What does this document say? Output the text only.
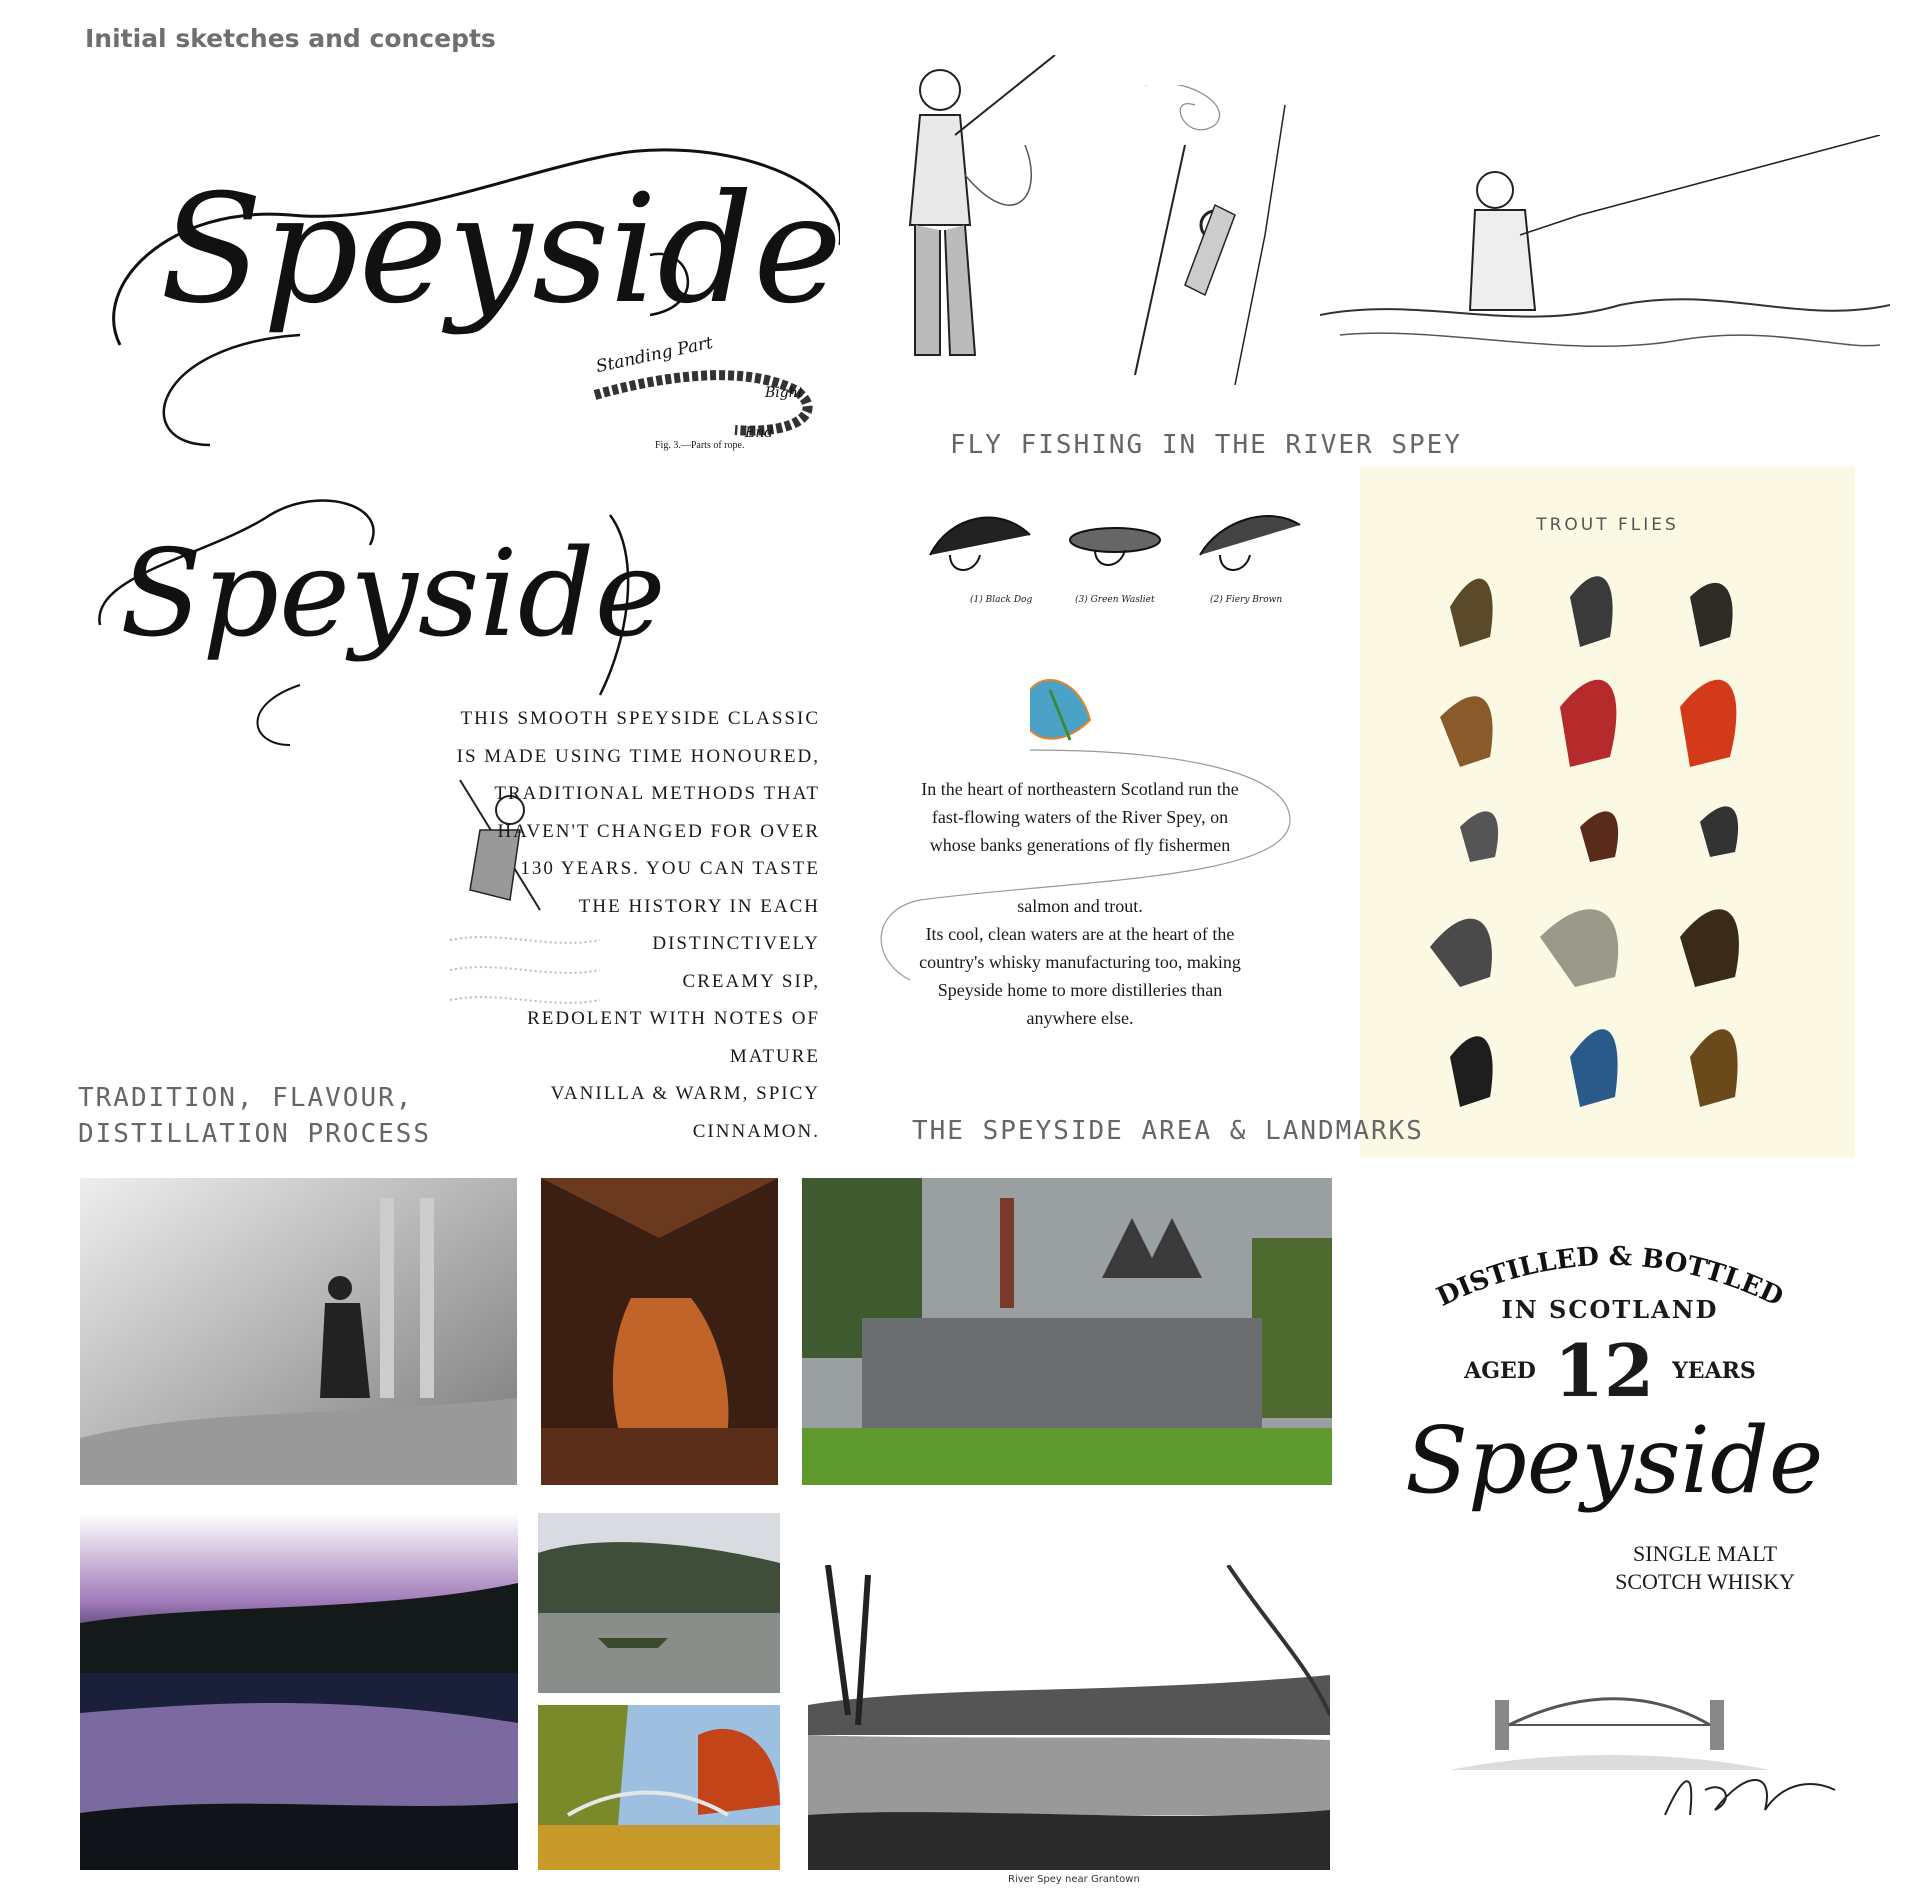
Initial sketches and concepts
Speyside
Speyside
Standing Part
Bight
End
Fig. 3.—Parts of rope.	FLY FISHING IN THE RIVER SPEY
(1) Black Dog	(3) Green Wasliet	(2) Fiery Brown
THIS SMOOTH SPEYSIDE CLASSIC
IS MADE USING TIME HONOURED,
TRADITIONAL METHODS THAT
HAVEN'T CHANGED FOR OVER
130 YEARS. YOU CAN TASTE
THE HISTORY IN EACH
DISTINCTIVELY
CREAMY SIP,
REDOLENT WITH NOTES OF MATURE
VANILLA & WARM, SPICY CINNAMON.
In the heart of northeastern Scotland run the
fast-flowing waters of the River Spey, on
whose banks generations of fly fishermen
salmon and trout.
Its cool, clean waters are at the heart of the
country's whisky manufacturing too, making
Speyside home to more distilleries than
anywhere else.
TROUT FLIES
TRADITION, FLAVOUR,
DISTILLATION PROCESS	THE SPEYSIDE AREA & LANDMARKS
River Spey near Grantown
DISTILLED & BOTTLED
IN SCOTLAND
AGED 12 YEARS
Speyside
SINGLE MALT
SCOTCH WHISKY
